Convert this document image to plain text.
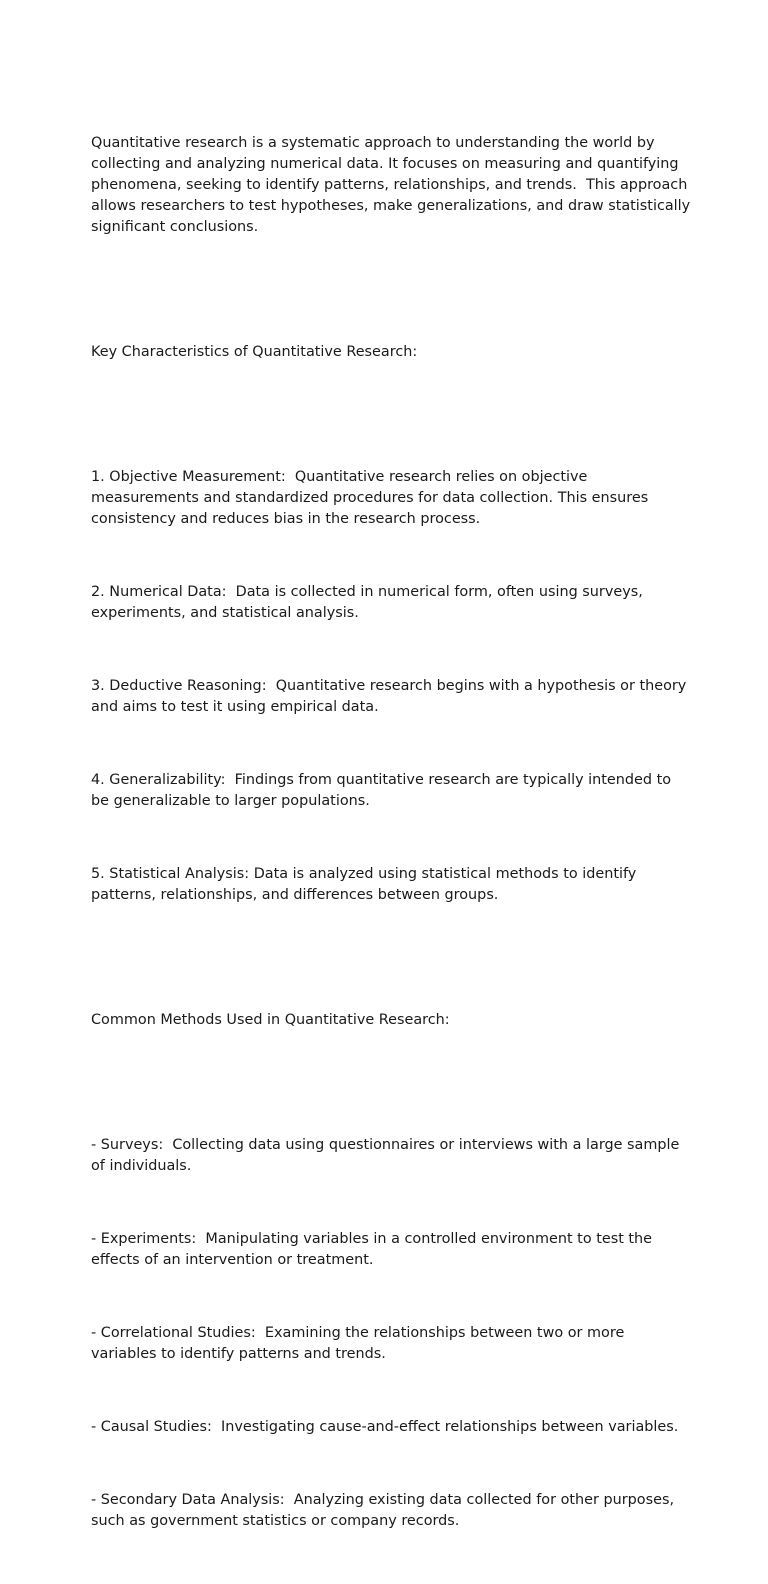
Quantitative research is a systematic approach to understanding the world by collecting and analyzing numerical data. It focuses on measuring and quantifying phenomena, seeking to identify patterns, relationships, and trends.  This approach allows researchers to test hypotheses, make generalizations, and draw statistically significant conclusions.

Key Characteristics of Quantitative Research:

1. Objective Measurement:  Quantitative research relies on objective measurements and standardized procedures for data collection. This ensures consistency and reduces bias in the research process.

2. Numerical Data:  Data is collected in numerical form, often using surveys, experiments, and statistical analysis.

3. Deductive Reasoning:  Quantitative research begins with a hypothesis or theory and aims to test it using empirical data.

4. Generalizability:  Findings from quantitative research are typically intended to be generalizable to larger populations.

5. Statistical Analysis: Data is analyzed using statistical methods to identify patterns, relationships, and differences between groups.

Common Methods Used in Quantitative Research:

- Surveys:  Collecting data using questionnaires or interviews with a large sample of individuals.

- Experiments:  Manipulating variables in a controlled environment to test the effects of an intervention or treatment.

- Correlational Studies:  Examining the relationships between two or more variables to identify patterns and trends.

- Causal Studies:  Investigating cause-and-effect relationships between variables.

- Secondary Data Analysis:  Analyzing existing data collected for other purposes, such as government statistics or company records.
